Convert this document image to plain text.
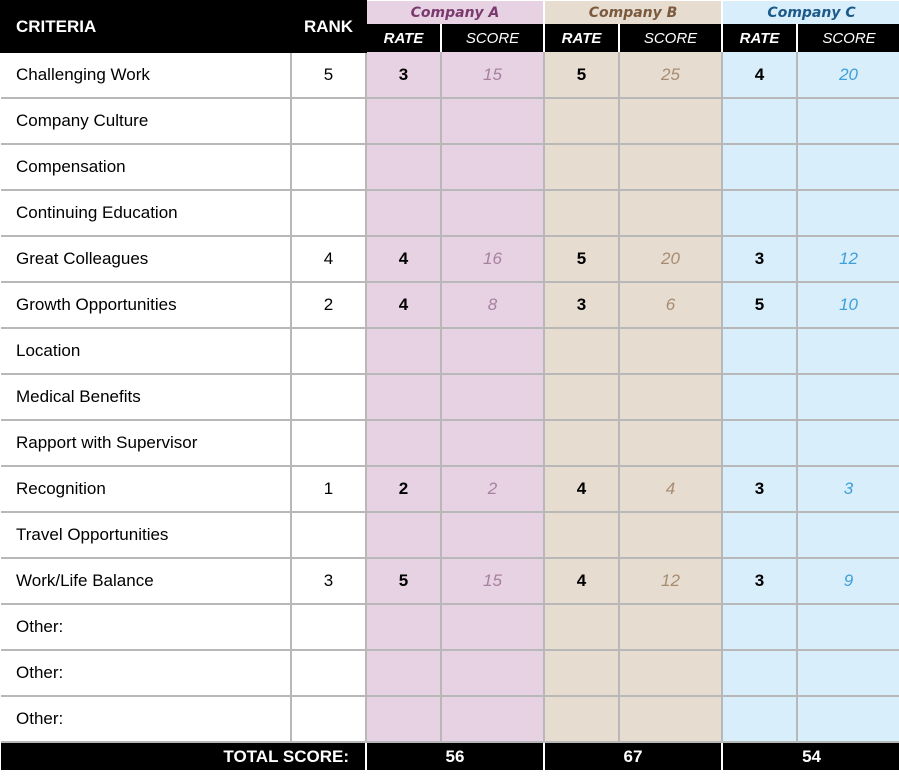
CRITERIA	RANK	Company A		Company B		Company C	
		RATE	SCORE	RATE	SCORE	RATE	SCORE
Challenging Work	5	3	15	5	25	4	20
Company Culture							
Compensation							
Continuing Education							
Great Colleagues	4	4	16	5	20	3	12
Growth Opportunities	2	4	8	3	6	5	10
Location							
Medical Benefits							
Rapport with Supervisor							
Recognition	1	2	2	4	4	3	3
Travel Opportunities							
Work/Life Balance	3	5	15	4	12	3	9
Other:							
Other:							
Other:							
TOTAL SCORE:		56		67		54	
